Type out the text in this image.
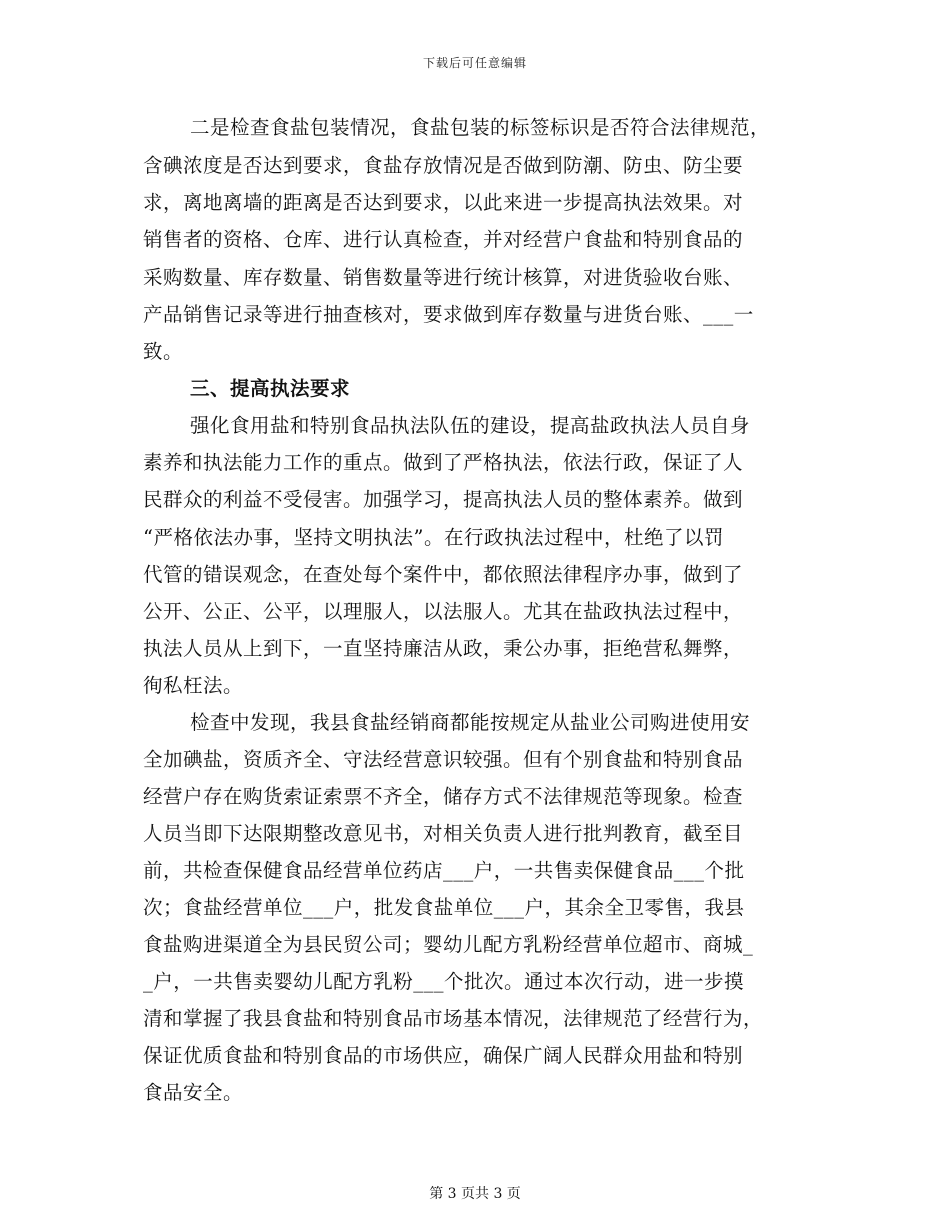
下载后可任意编辑
二是检查食盐包装情况，食盐包装的标签标识是否符合法律规范，
含碘浓度是否达到要求，食盐存放情况是否做到防潮、防虫、防尘要
求，离地离墙的距离是否达到要求，以此来进一步提高执法效果。对
销售者的资格、仓库、进行认真检查，并对经营户食盐和特别食品的
采购数量、库存数量、销售数量等进行统计核算，对进货验收台账、
产品销售记录等进行抽查核对，要求做到库存数量与进货台账、___一
致。
三、提高执法要求
强化食用盐和特别食品执法队伍的建设，提高盐政执法人员自身
素养和执法能力工作的重点。做到了严格执法，依法行政，保证了人
民群众的利益不受侵害。加强学习，提高执法人员的整体素养。做到
“严格依法办事，坚持文明执法”。在行政执法过程中，杜绝了以罚
代管的错误观念，在查处每个案件中，都依照法律程序办事，做到了
公开、公正、公平，以理服人，以法服人。尤其在盐政执法过程中，
执法人员从上到下，一直坚持廉洁从政，秉公办事，拒绝营私舞弊，
徇私枉法。
检查中发现，我县食盐经销商都能按规定从盐业公司购进使用安
全加碘盐，资质齐全、守法经营意识较强。但有个别食盐和特别食品
经营户存在购货索证索票不齐全，储存方式不法律规范等现象。检查
人员当即下达限期整改意见书，对相关负责人进行批判教育，截至目
前，共检查保健食品经营单位药店___户，一共售卖保健食品___个批
次；食盐经营单位___户，批发食盐单位___户，其余全卫零售，我县
食盐购进渠道全为县民贸公司；婴幼儿配方乳粉经营单位超市、商城_
_户，一共售卖婴幼儿配方乳粉___个批次。通过本次行动，进一步摸
清和掌握了我县食盐和特别食品市场基本情况，法律规范了经营行为，
保证优质食盐和特别食品的市场供应，确保广阔人民群众用盐和特别
食品安全。
第 3 页共 3 页
